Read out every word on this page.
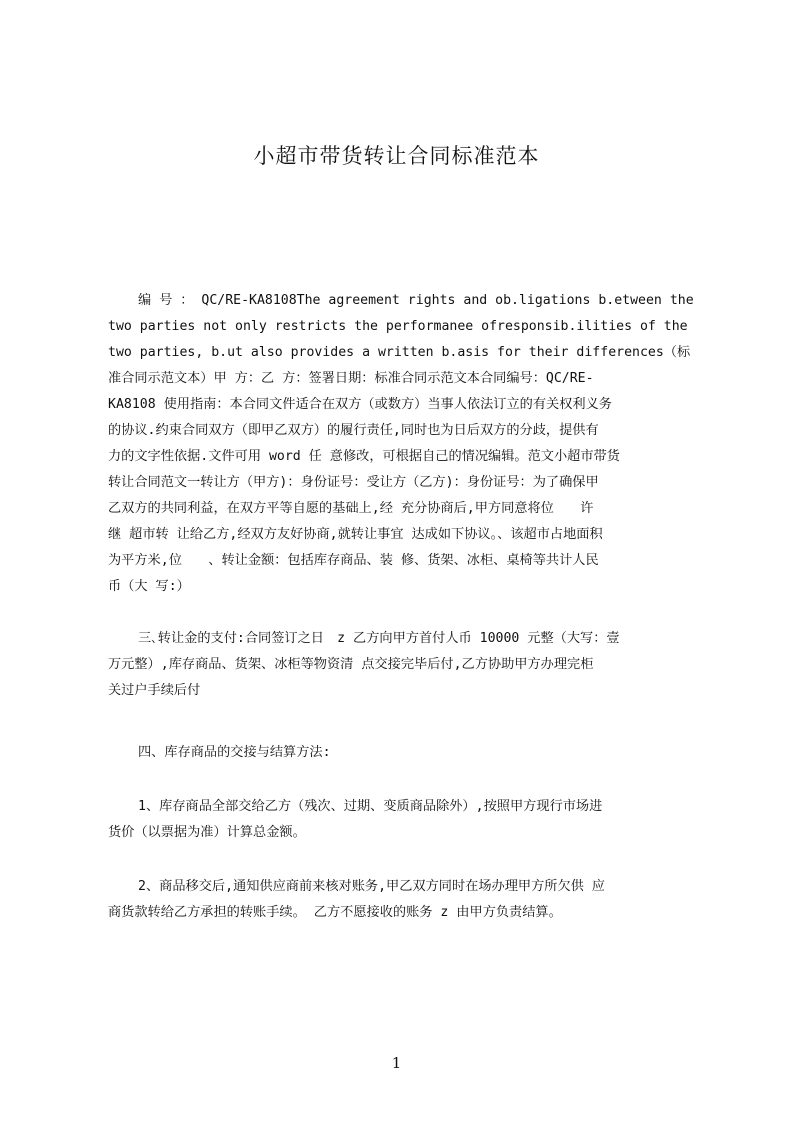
小超市带货转让合同标准范本
编 号 ： QC/RE-KA8108The agreement rights and ob.ligations b.etween the
two parties not only restricts the performanee ofresponsib.ilities of the
two parties, b.ut also provides a written b.asis for their differences（标
准合同示范文本）甲 方：乙 方：签署日期：标准合同示范文本合同编号：QC/RE-
KA8108 使用指南：本合同文件适合在双方（或数方）当事人依法订立的有关权利义务
的协议.约束合同双方（即甲乙双方）的履行责任,同时也为日后双方的分歧，提供有
力的文字性依据.文件可用 word 任 意修改，可根据自己的情况编辑。范文小超市带货
转让合同范文一转让方（甲方)：身份证号：受让方（乙方)：身份证号：为了确保甲
乙双方的共同利益，在双方平等自愿的基础上,经 充分协商后,甲方同意将位　　许
继 超市转 让给乙方,经双方友好协商,就转让事宜 达成如下协议。、该超市占地面积
为平方米,位　　、转让金额：包括库存商品、装 修、货架、冰柜、桌椅等共计人民
币（大 写:）
三､转让金的支付:合同签订之日　z 乙方向甲方首付人币 10000 元整（大写：壹
万元整）,库存商品、货架、冰柜等物资清 点交接完毕后付,乙方协助甲方办理完柜
关过户手续后付
四、库存商品的交接与结算方法:
1、库存商品全部交给乙方（残次、过期、变质商品除外）,按照甲方现行市场进
货价（以票据为准）计算总金额。
2、商品移交后,通知供应商前来核对账务,甲乙双方同时在场办理甲方所欠供 应
商货款转给乙方承担的转账手续。 乙方不愿接收的账务 z 由甲方负责结算。
1
